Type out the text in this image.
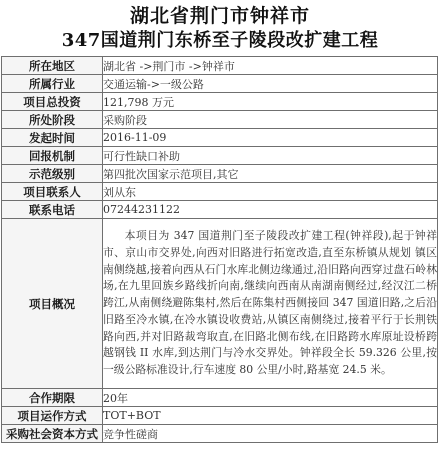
湖北省荆门市钟祥市
347国道荆门东桥至子陵段改扩建工程
所在地区	湖北省 ->荆门市 ->钟祥市
所属行业	交通运输->一级公路
项目总投资	121,798 万元
所处阶段	采购阶段
发起时间	2016-11-09
回报机制	可行性缺口补助
示范级别	第四批次国家示范项目,其它
项目联系人	刘从东
联系电话	07244231122
项目概况	本项目为 347 国道荆门至子陵段改扩建工程(钟祥段),起于钟祥市、京山市交界处,向西对旧路进行拓宽改造,直至东桥镇从规划 镇区南侧绕越,接着向西从石门水库北侧边缘通过,沿旧路向西穿过盘石岭林场,在九里回族乡路线折向南,继续向西南从南湖南侧经过,经汉江二桥跨江,从南侧绕避陈集村,然后在陈集村西侧接回 347 国道旧路,之后沿旧路至冷水镇,在冷水镇设收费站,从镇区南侧绕过,接着平行于长荆铁路向西,并对旧路裁弯取直,在旧路北侧布线,在旧路跨水库原址设桥跨越钢钱 II 水库,到达荆门与冷水交界处。钟祥段全长 59.326 公里,按一级公路标准设计,行车速度 80 公里/小时,路基宽 24.5 米。
合作期限	20年
项目运作方式	TOT+BOT
采购社会资本方式	竞争性磋商
